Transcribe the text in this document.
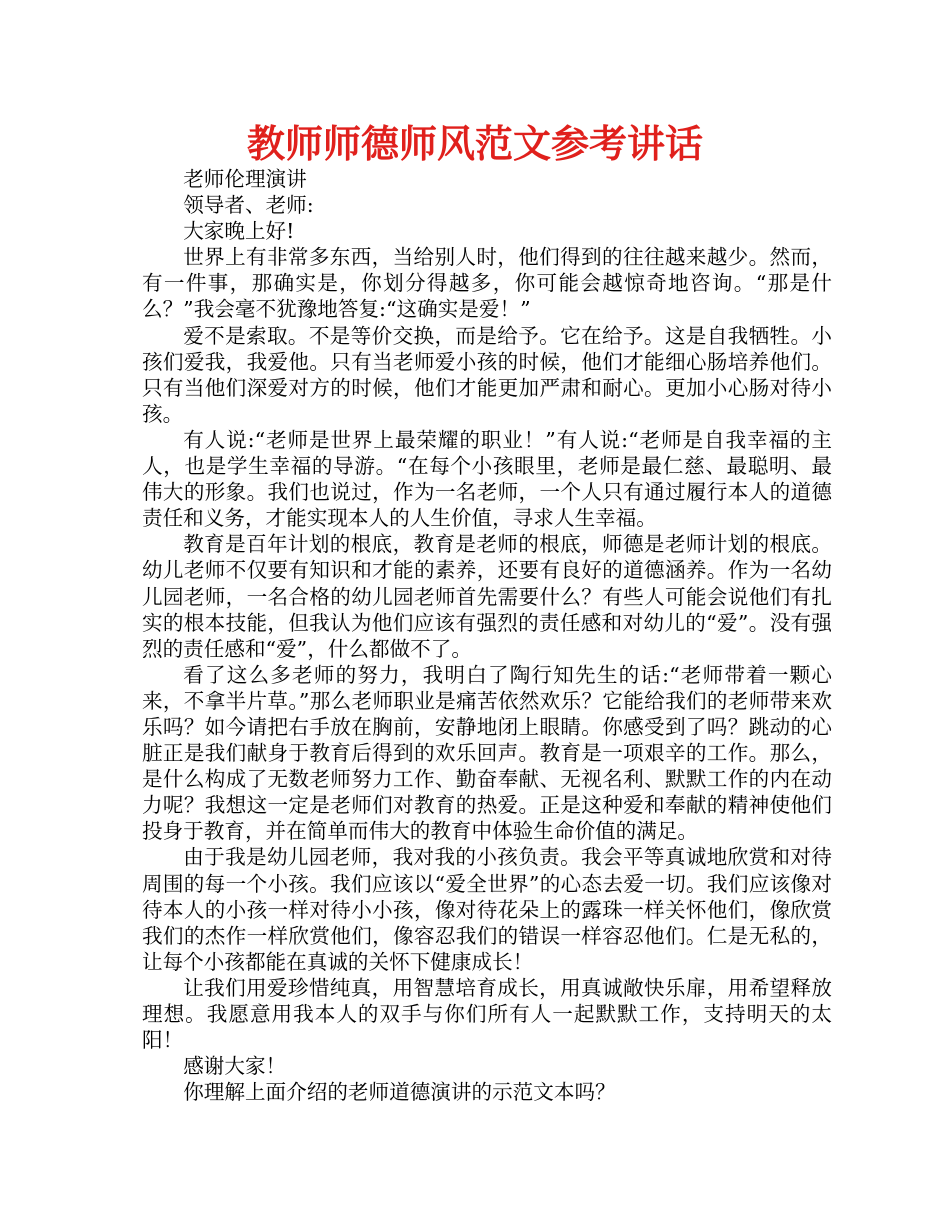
教师师德师风范文参考讲话

老师伦理演讲

领导者、老师:

大家晚上好!

世界上有非常多东西，当给别人时，他们得到的往往越来越少。然而，有一件事，那确实是，你划分得越多，你可能会越惊奇地咨询。“那是什么？”我会毫不犹豫地答复:“这确实是爱！”

爱不是索取。不是等价交换，而是给予。它在给予。这是自我牺牲。小孩们爱我，我爱他。只有当老师爱小孩的时候，他们才能细心肠培养他们。只有当他们深爱对方的时候，他们才能更加严肃和耐心。更加小心肠对待小孩。

有人说:“老师是世界上最荣耀的职业！”有人说:“老师是自我幸福的主人，也是学生幸福的导游。“在每个小孩眼里，老师是最仁慈、最聪明、最伟大的形象。我们也说过，作为一名老师，一个人只有通过履行本人的道德责任和义务，才能实现本人的人生价值，寻求人生幸福。

教育是百年计划的根底，教育是老师的根底，师德是老师计划的根底。幼儿老师不仅要有知识和才能的素养，还要有良好的道德涵养。作为一名幼儿园老师，一名合格的幼儿园老师首先需要什么？有些人可能会说他们有扎实的根本技能，但我认为他们应该有强烈的责任感和对幼儿的“爱”。没有强烈的责任感和“爱”，什么都做不了。

看了这么多老师的努力，我明白了陶行知先生的话:“老师带着一颗心来，不拿半片草。”那么老师职业是痛苦依然欢乐？它能给我们的老师带来欢乐吗？如今请把右手放在胸前，安静地闭上眼睛。你感受到了吗？跳动的心脏正是我们献身于教育后得到的欢乐回声。教育是一项艰辛的工作。那么，是什么构成了无数老师努力工作、勤奋奉献、无视名利、默默工作的内在动力呢？我想这一定是老师们对教育的热爱。正是这种爱和奉献的精神使他们投身于教育，并在简单而伟大的教育中体验生命价值的满足。

由于我是幼儿园老师，我对我的小孩负责。我会平等真诚地欣赏和对待周围的每一个小孩。我们应该以“爱全世界”的心态去爱一切。我们应该像对待本人的小孩一样对待小小孩，像对待花朵上的露珠一样关怀他们，像欣赏我们的杰作一样欣赏他们，像容忍我们的错误一样容忍他们。仁是无私的，让每个小孩都能在真诚的关怀下健康成长！

让我们用爱珍惜纯真，用智慧培育成长，用真诚敞快乐扉，用希望释放理想。我愿意用我本人的双手与你们所有人一起默默工作，支持明天的太阳！

感谢大家！

你理解上面介绍的老师道德演讲的示范文本吗？
